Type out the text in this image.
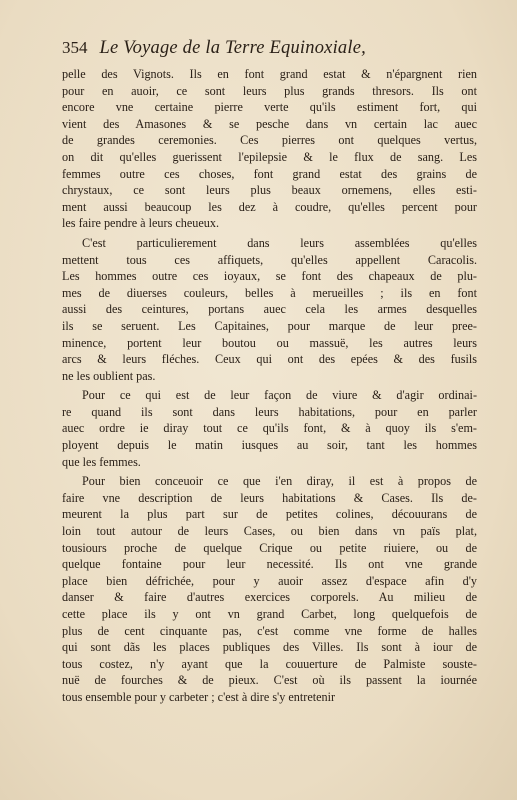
354 Le Voyage de la Terre Equinoxiale,
pelle des Vignots. Ils en font grand estat & n'épargnent rien
pour en auoir, ce sont leurs plus grands thresors. Ils ont
encore vne certaine pierre verte qu'ils estiment fort, qui
vient des Amasones & se pesche dans vn certain lac auec
de grandes ceremonies. Ces pierres ont quelques vertus,
on dit qu'elles guerissent l'epilepsie & le flux de sang. Les
femmes outre ces choses, font grand estat des grains de
chrystaux, ce sont leurs plus beaux ornemens, elles esti-
ment aussi beaucoup les dez à coudre, qu'elles percent pour
les faire pendre à leurs cheueux.
C'est particulierement dans leurs assemblées qu'elles
mettent tous ces affiquets, qu'elles appellent Caracolis.
Les hommes outre ces ioyaux, se font des chapeaux de plu-
mes de diuerses couleurs, belles à merueilles ; ils en font
aussi des ceintures, portans auec cela les armes desquelles
ils se seruent. Les Capitaines, pour marque de leur pree-
minence, portent leur boutou ou massuë, les autres leurs
arcs & leurs fléches. Ceux qui ont des epées & des fusils
ne les oublient pas.
Pour ce qui est de leur façon de viure & d'agir ordinai-
re quand ils sont dans leurs habitations, pour en parler
auec ordre ie diray tout ce qu'ils font, & à quoy ils s'em-
ployent depuis le matin iusques au soir, tant les hommes
que les femmes.
Pour bien conceuoir ce que i'en diray, il est à propos de
faire vne description de leurs habitations & Cases. Ils de-
meurent la plus part sur de petites colines, découurans de
loin tout autour de leurs Cases, ou bien dans vn païs plat,
tousiours proche de quelque Crique ou petite riuiere, ou de
quelque fontaine pour leur necessité. Ils ont vne grande
place bien défrichée, pour y auoir assez d'espace afin d'y
danser & faire d'autres exercices corporels. Au milieu de
cette place ils y ont vn grand Carbet, long quelquefois de
plus de cent cinquante pas, c'est comme vne forme de halles
qui sont dãs les places publiques des Villes. Ils sont à iour de
tous costez, n'y ayant que la couuerture de Palmiste souste-
nuë de fourches & de pieux. C'est où ils passent la iournée
tous ensemble pour y carbeter ; c'est à dire s'y entretenir
